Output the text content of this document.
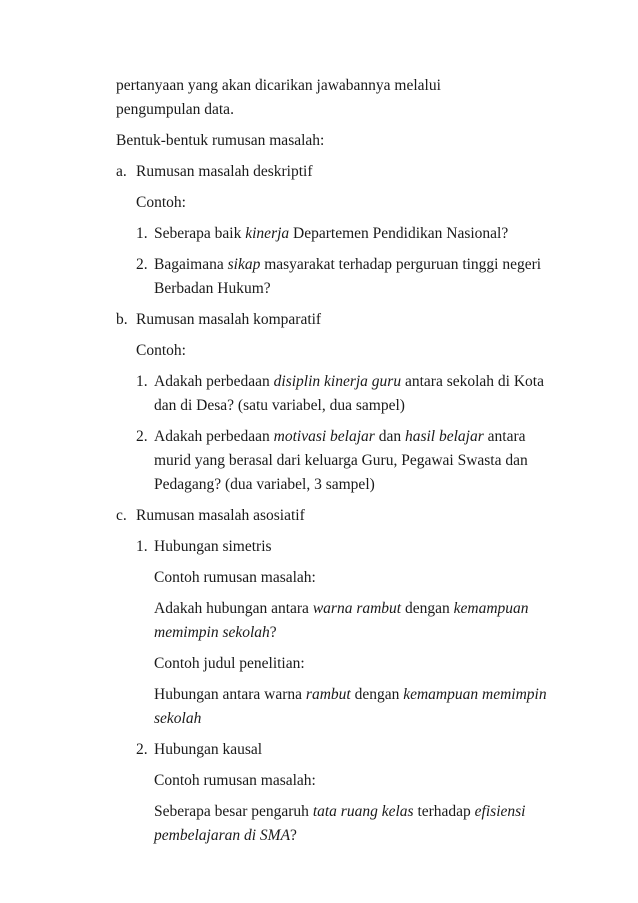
pertanyaan yang akan dicarikan jawabannya melalui
pengumpulan data.

Bentuk-bentuk rumusan masalah:

a. Rumusan masalah deskriptif

Contoh:

1. Seberapa baik kinerja Departemen Pendidikan Nasional?

2. Bagaimana sikap masyarakat terhadap perguruan tinggi negeri Berbadan Hukum?

b. Rumusan masalah komparatif

Contoh:

1. Adakah perbedaan disiplin kinerja guru antara sekolah di Kota dan di Desa? (satu variabel, dua sampel)

2. Adakah perbedaan motivasi belajar dan hasil belajar antara murid yang berasal dari keluarga Guru, Pegawai Swasta dan Pedagang? (dua variabel, 3 sampel)

c. Rumusan masalah asosiatif

1. Hubungan simetris

Contoh rumusan masalah:

Adakah hubungan antara warna rambut dengan kemampuan memimpin sekolah?

Contoh judul penelitian:

Hubungan antara warna rambut dengan kemampuan memimpin sekolah

2. Hubungan kausal

Contoh rumusan masalah:

Seberapa besar pengaruh tata ruang kelas terhadap efisiensi pembelajaran di SMA?
